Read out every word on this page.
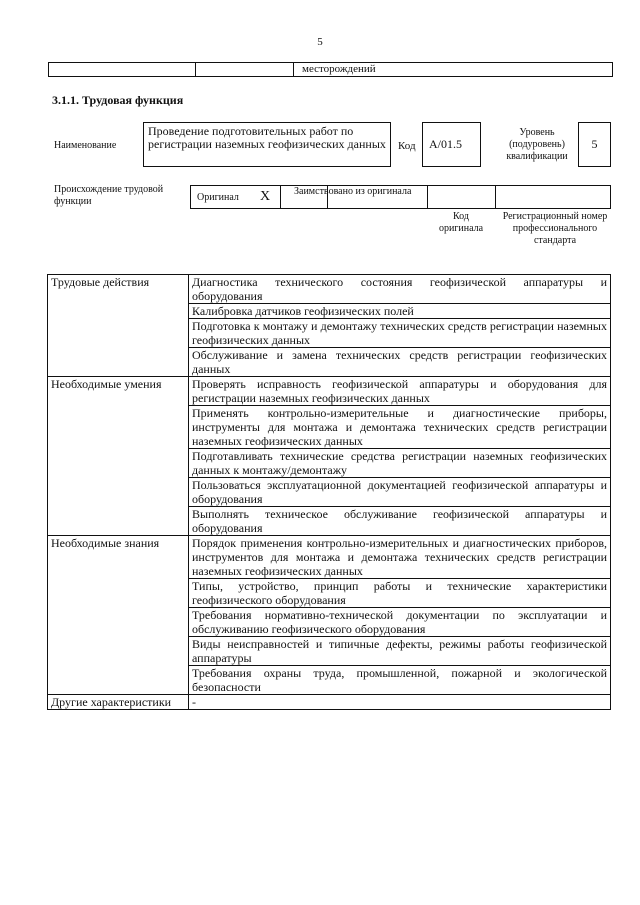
5
месторождений
3.1.1. Трудовая функция
Наименование
Проведение подготовительных работ по регистрации наземных геофизических данных	Код	A/01.5
Уровень (подуровень) квалификации
5
Происхождение трудовой функции	Оригинал X Заимствовано из оригинала
Код оригинала
Регистрационный номер профессионального стандарта
Трудовые действия	Диагностика технического состояния геофизической аппаратуры и оборудования
	Калибровка датчиков геофизических полей
	Подготовка к монтажу и демонтажу технических средств регистрации наземных геофизических данных
	Обслуживание и замена технических средств регистрации геофизических данных
Необходимые умения	Проверять исправность геофизической аппаратуры и оборудования для регистрации наземных геофизических данных
	Применять контрольно-измерительные и диагностические приборы, инструменты для монтажа и демонтажа технических средств регистрации наземных геофизических данных
	Подготавливать технические средства регистрации наземных геофизических данных к монтажу/демонтажу
	Пользоваться эксплуатационной документацией геофизической аппаратуры и оборудования
	Выполнять техническое обслуживание геофизической аппаратуры и оборудования
Необходимые знания	Порядок применения контрольно-измерительных и диагностических приборов, инструментов для монтажа и демонтажа технических средств регистрации наземных геофизических данных
	Типы, устройство, принцип работы и технические характеристики геофизического оборудования
	Требования нормативно-технической документации по эксплуатации и обслуживанию геофизического оборудования
	Виды неисправностей и типичные дефекты, режимы работы геофизической аппаратуры
	Требования охраны труда, промышленной, пожарной и экологической безопасности
Другие характеристики	-
